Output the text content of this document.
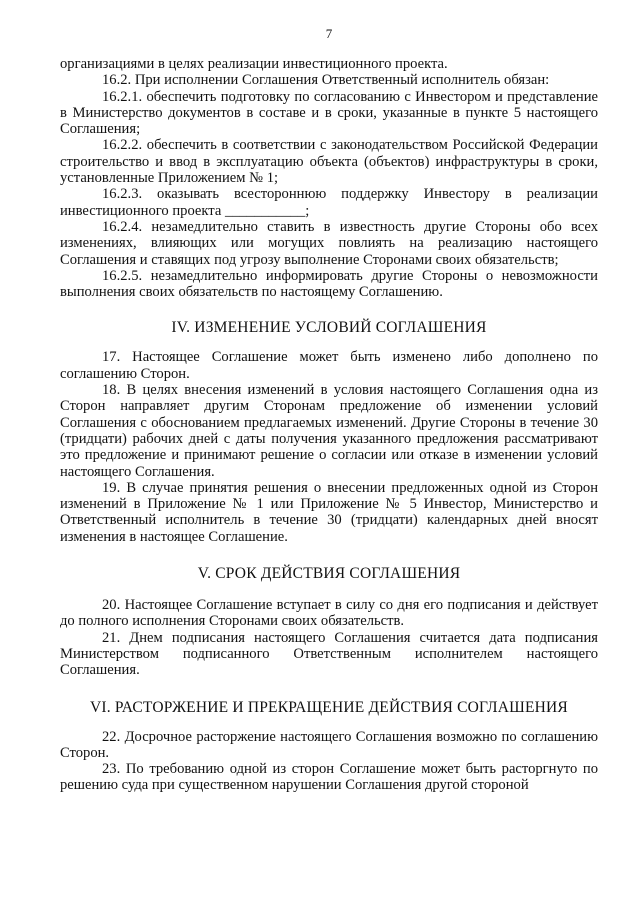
7

организациями в целях реализации инвестиционного проекта.

16.2. При исполнении Соглашения Ответственный исполнитель обязан:

16.2.1. обеспечить подготовку по согласованию с Инвестором и представление в Министерство документов в составе и в сроки, указанные в пункте 5 настоящего Соглашения;

16.2.2. обеспечить в соответствии с законодательством Российской Федерации строительство и ввод в эксплуатацию объекта (объектов) инфраструктуры в сроки, установленные Приложением № 1;

16.2.3. оказывать всестороннюю поддержку Инвестору в реализации инвестиционного проекта ___________;

16.2.4. незамедлительно ставить в известность другие Стороны обо всех изменениях, влияющих или могущих повлиять на реализацию настоящего Соглашения и ставящих под угрозу выполнение Сторонами своих обязательств;

16.2.5. незамедлительно информировать другие Стороны о невозможности выполнения своих обязательств по настоящему Соглашению.

IV. ИЗМЕНЕНИЕ УСЛОВИЙ СОГЛАШЕНИЯ

17. Настоящее Соглашение может быть изменено либо дополнено по соглашению Сторон.

18. В целях внесения изменений в условия настоящего Соглашения одна из Сторон направляет другим Сторонам предложение об изменении условий Соглашения с обоснованием предлагаемых изменений. Другие Стороны в течение 30 (тридцати) рабочих дней с даты получения указанного предложения рассматривают это предложение и принимают решение о согласии или отказе в изменении условий настоящего Соглашения.

19. В случае принятия решения о внесении предложенных одной из Сторон изменений в Приложение № 1 или Приложение № 5 Инвестор, Министерство и Ответственный исполнитель в течение 30 (тридцати) календарных дней вносят изменения в настоящее Соглашение.

V. СРОК ДЕЙСТВИЯ СОГЛАШЕНИЯ

20. Настоящее Соглашение вступает в силу со дня его подписания и действует до полного исполнения Сторонами своих обязательств.

21. Днем подписания настоящего Соглашения считается дата подписания Министерством подписанного Ответственным исполнителем настоящего Соглашения.

VI. РАСТОРЖЕНИЕ И ПРЕКРАЩЕНИЕ ДЕЙСТВИЯ СОГЛАШЕНИЯ

22. Досрочное расторжение настоящего Соглашения возможно по соглашению Сторон.

23. По требованию одной из сторон Соглашение может быть расторгнуто по решению суда при существенном нарушении Соглашения другой стороной
